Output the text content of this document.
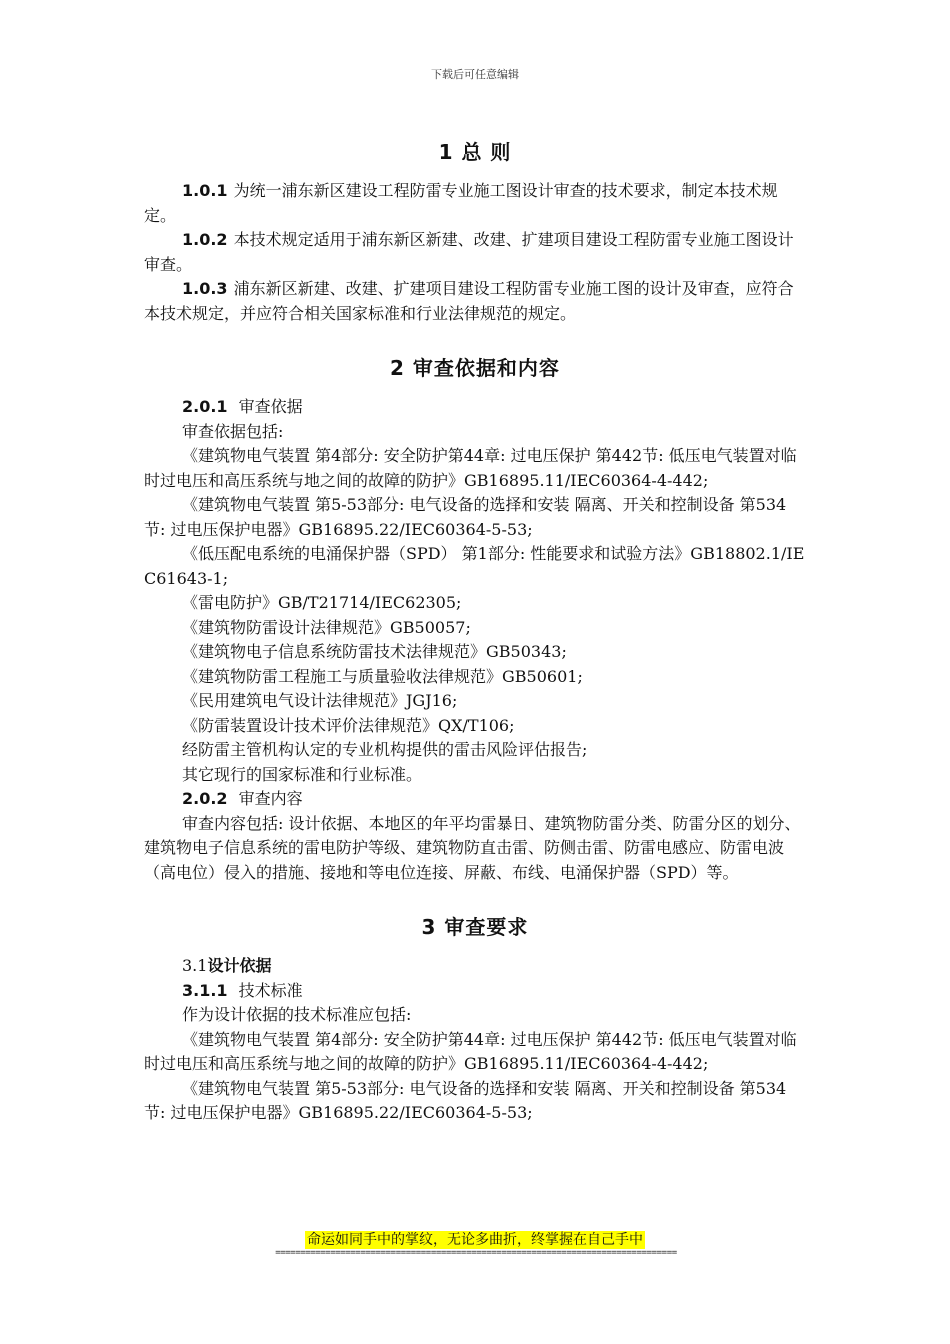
下载后可任意编辑
1 总 则

1.0.1 为统一浦东新区建设工程防雷专业施工图设计审查的技术要求，制定本技术规定。

1.0.2 本技术规定适用于浦东新区新建、改建、扩建项目建设工程防雷专业施工图设计审查。

1.0.3 浦东新区新建、改建、扩建项目建设工程防雷专业施工图的设计及审查，应符合本技术规定，并应符合相关国家标准和行业法律规范的规定。

2 审查依据和内容

2.0.1 审查依据

审查依据包括:

《建筑物电气装置 第4部分: 安全防护第44章: 过电压保护 第442节: 低压电气装置对临时过电压和高压系统与地之间的故障的防护》GB16895.11/IEC60364-4-442;

《建筑物电气装置 第5-53部分: 电气设备的选择和安装 隔离、开关和控制设备 第534节: 过电压保护电器》GB16895.22/IEC60364-5-53;

《低压配电系统的电涌保护器（SPD） 第1部分: 性能要求和试验方法》GB18802.1/IEC61643-1;

《雷电防护》GB/T21714/IEC62305;

《建筑物防雷设计法律规范》GB50057;

《建筑物电子信息系统防雷技术法律规范》GB50343;

《建筑物防雷工程施工与质量验收法律规范》GB50601;

《民用建筑电气设计法律规范》JGJ16;

《防雷装置设计技术评价法律规范》QX/T106;

经防雷主管机构认定的专业机构提供的雷击风险评估报告;

其它现行的国家标准和行业标准。

2.0.2 审查内容

审查内容包括: 设计依据、本地区的年平均雷暴日、建筑物防雷分类、防雷分区的划分、建筑物电子信息系统的雷电防护等级、建筑物防直击雷、防侧击雷、防雷电感应、防雷电波（高电位）侵入的措施、接地和等电位连接、屏蔽、布线、电涌保护器（SPD）等。

3 审查要求

3.1设计依据

3.1.1 技术标准

作为设计依据的技术标准应包括:

《建筑物电气装置 第4部分: 安全防护第44章: 过电压保护 第442节: 低压电气装置对临时过电压和高压系统与地之间的故障的防护》GB16895.11/IEC60364-4-442;

《建筑物电气装置 第5-53部分: 电气设备的选择和安装 隔离、开关和控制设备 第534节: 过电压保护电器》GB16895.22/IEC60364-5-53;

命运如同手中的掌纹，无论多曲折，终掌握在自己手中
================================================================================
